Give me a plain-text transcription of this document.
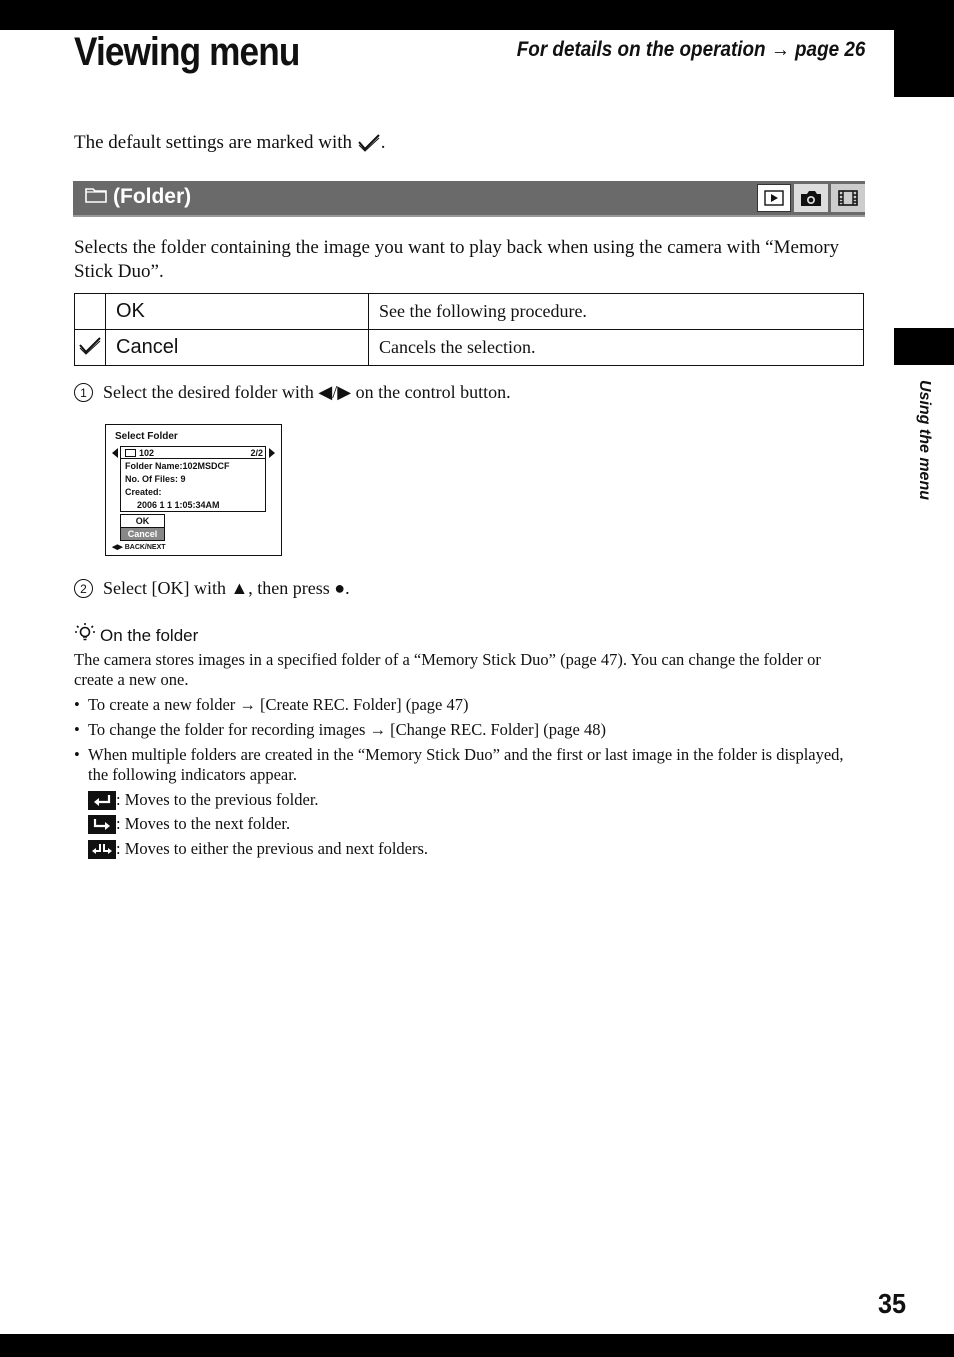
Using the menu
Viewing menu	For details on the operation → page 26
The default settings are marked with .
(Folder)
Selects the folder containing the image you want to play back when using the camera with “Memory Stick Duo”.
	OK	See the following procedure.
	Cancel	Cancels the selection.
1 Select the desired folder with ◀/▶ on the control button.
Select Folder
102	2/2
Folder Name:102MSDCF
No. Of Files: 9
Created:
2006 1 1 1:05:34AM
OK
Cancel
◀▶ BACK/NEXT
2 Select [OK] with ▲, then press ●.
On the folder
The camera stores images in a specified folder of a “Memory Stick Duo” (page 47). You can change the folder or create a new one.
• To create a new folder → [Create REC. Folder] (page 47)
• To change the folder for recording images → [Change REC. Folder] (page 48)
• When multiple folders are created in the “Memory Stick Duo” and the first or last image in the folder is displayed, the following indicators appear.
: Moves to the previous folder.
: Moves to the next folder.
: Moves to either the previous and next folders.
35
